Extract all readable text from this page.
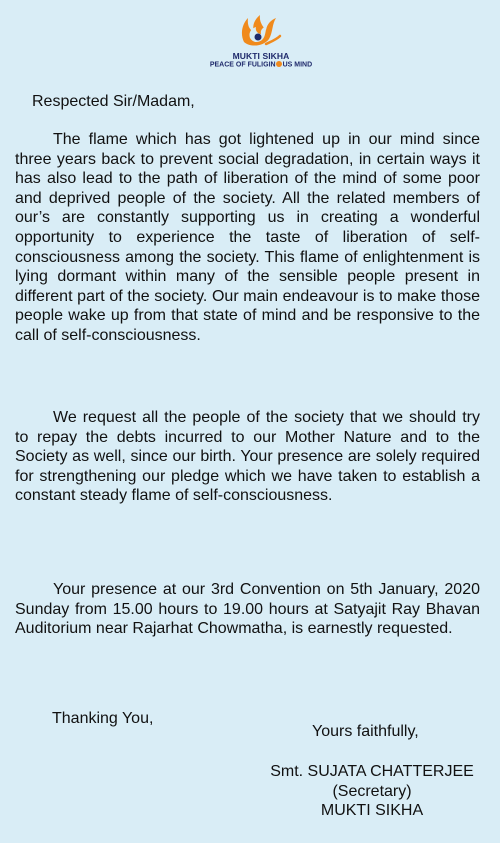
MUKTI SIKHA
PEACE OF FULIGIN US MIND
Respected Sir/Madam,
The flame which has got lightened up in our mind since three years back to prevent social degradation, in certain ways it has also lead to the path of liberation of the mind of some poor and deprived people of the society. All the related members of our’s are constantly supporting us in creating a wonderful opportunity to experience the taste of liberation of self-consciousness among the society. This flame of enlightenment is lying dormant within many of the sensible people present in different part of the society. Our main endeavour is to make those people wake up from that state of mind and be responsive to the call of self-consciousness.
We request all the people of the society that we should try to repay the debts incurred to our Mother Nature and to the Society as well, since our birth. Your presence are solely required for strengthening our pledge which we have taken to establish a constant steady flame of self-consciousness.
Your presence at our 3rd Convention on 5th January, 2020 Sunday from 15.00 hours to 19.00 hours at Satyajit Ray Bhavan Auditorium near Rajarhat Chowmatha, is earnestly requested.
Thanking You,
Yours faithfully,
Smt. SUJATA CHATTERJEE
(Secretary)
MUKTI SIKHA
